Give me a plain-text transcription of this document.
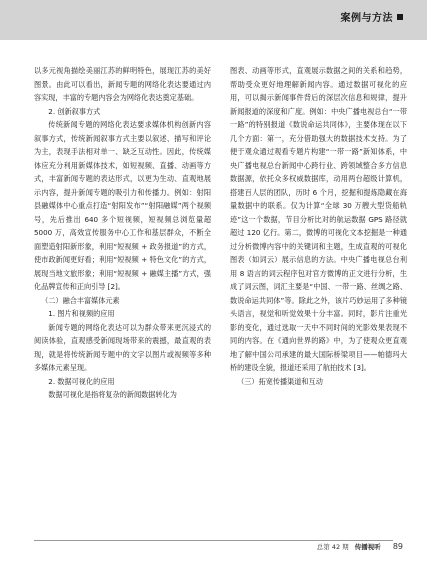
案例与方法

以多元视角描绘美丽江苏的鲜明特色，展现江苏的美好图景。由此可以看出，新闻专题的网络化表达要通过内容实现，丰富的专题内容会为网络化表达奠定基础。

2. 创新叙事方式

传统新闻专题的网络化表达要求媒体机构创新内容叙事方式，传统新闻叙事方式主要以叙述、描写和评论为主，表现手法相对单一、缺乏互动性。因此，传统媒体应充分利用新媒体技术，如短视频、直播、动画等方式，丰富新闻专题的表达形式，以更为生动、直观地展示内容，提升新闻专题的吸引力和传播力。例如：射阳县融媒体中心重点打造“射阳发布”“射阳融媒”两个视频号，先后推出 640 多个短视频，短视频总浏览量超 5000 万，高效宣传服务中心工作和基层群众，不断全面塑造射阳新形象，利用“短视频 + 政务报道”的方式，使市政新闻更好看；利用“短视频 + 特色文化”的方式，展现当地文旅形象；利用“短视频 + 融媒主播”方式，强化品牌宣传和正向引导 [2]。

（二）融合丰富媒体元素

1. 图片和视频的应用

新闻专题的网络化表达可以为群众带来更沉浸式的阅读体验，直观感受新闻现场带来的震撼，最直观的表现，就是将传统新闻专题中的文字以图片或视频等多种多媒体元素呈现。

2. 数据可视化的应用

数据可视化是指将复杂的新闻数据转化为

图表、动画等形式，直观展示数据之间的关系和趋势，帮助受众更好地理解新闻内容。通过数据可视化的应用，可以揭示新闻事件背后的深层次信息和规律，提升新闻报道的深度和广度。例如：中央广播电视总台“一带一路”的特别报道《数说命运共同体》，主要体现在以下几个方面：第一，充分借助强大的数据技术支持。为了便于观众通过观看专题片构建“一带一路”新知体系，中央广播电视总台新闻中心跨行业、跨领域整合多方信息数据源，依托众多权威数据库，动用两台超级计算机，搭建百人层的团队，历时 6 个月，挖掘和提炼隐藏在海量数据中的联系。仅为计算“全球 30 万艘大型货船轨迹”这一个数据，节目分析比对的航运数据 GPS 路径就超过 120 亿行。第二，微博的可视化文本挖掘是一种通过分析微博内容中的关键词和主题，生成直观的可视化图表（如词云）展示信息的方法。中央广播电视总台利用 8 语言的词云程序包对官方微博的正文进行分析，生成了词云图，词汇主要是“中国、一带一路、丝绸之路、数说命运共同体”等。除此之外，该片巧妙运用了多种镜头语言，视觉和听觉效果十分丰富。同时，影片注重光影的变化，通过选取一天中不同时间的光影效果表现不同的内容。在《通向世界的路》中，为了使观众更直观地了解中国公司承建的最大国际桥梁项目——帕德玛大桥的建设全貌，报道还采用了航拍技术 [3]。

（三）拓宽传播渠道和互动

总第 42 期 传播视听 89
